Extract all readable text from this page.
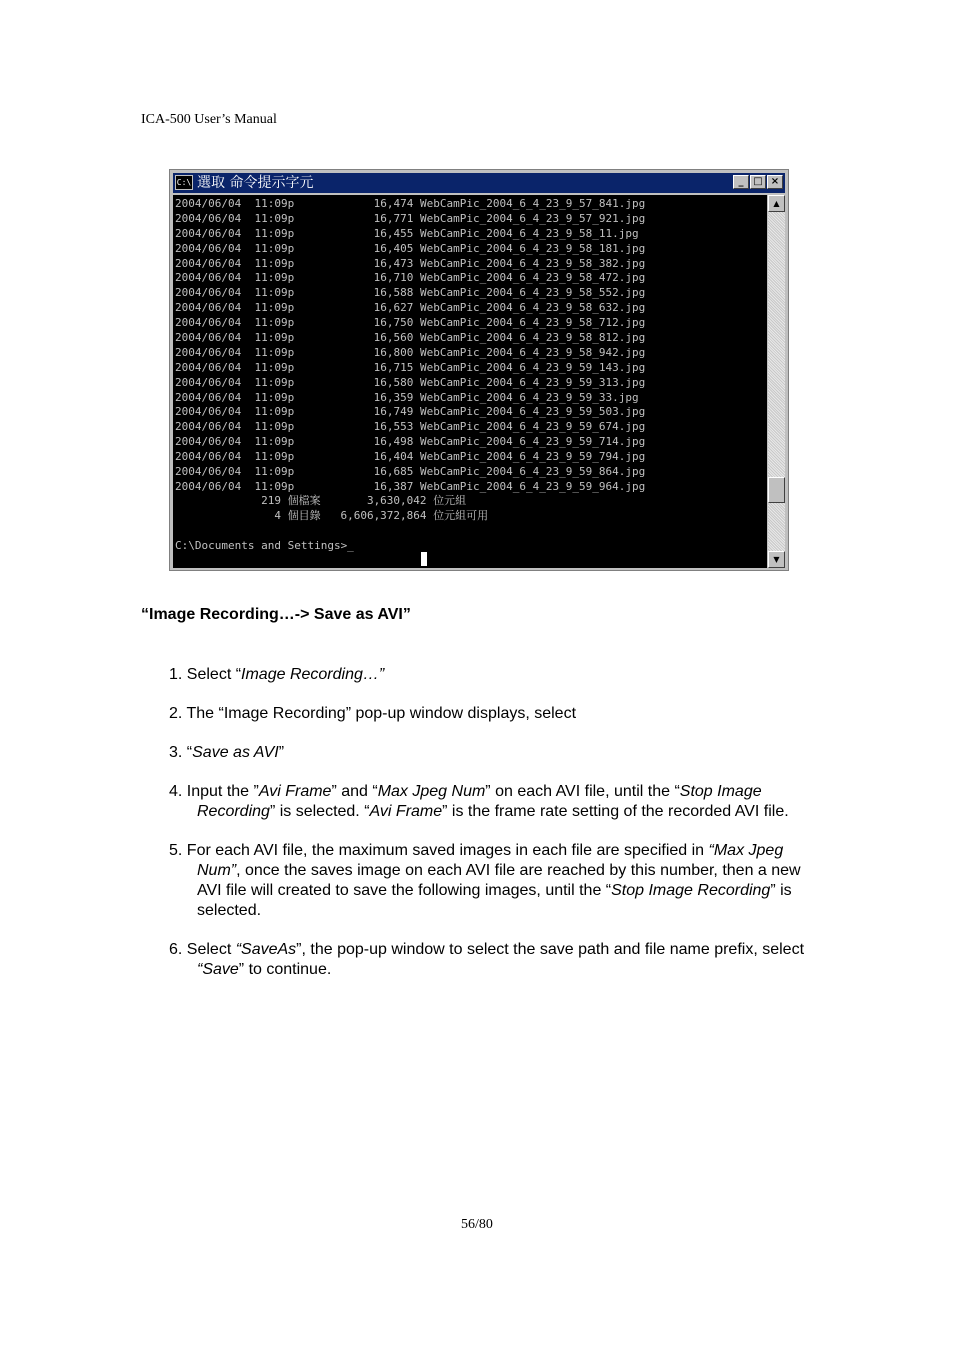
ICA-500 User’s Manual
C:\ 選取 命令提示字元	_ □ ×
2004/06/04  11:09p            16,474 WebCamPic_2004_6_4_23_9_57_841.jpg
2004/06/04  11:09p            16,771 WebCamPic_2004_6_4_23_9_57_921.jpg
2004/06/04  11:09p            16,455 WebCamPic_2004_6_4_23_9_58_11.jpg
2004/06/04  11:09p            16,405 WebCamPic_2004_6_4_23_9_58_181.jpg
2004/06/04  11:09p            16,473 WebCamPic_2004_6_4_23_9_58_382.jpg
2004/06/04  11:09p            16,710 WebCamPic_2004_6_4_23_9_58_472.jpg
2004/06/04  11:09p            16,588 WebCamPic_2004_6_4_23_9_58_552.jpg
2004/06/04  11:09p            16,627 WebCamPic_2004_6_4_23_9_58_632.jpg
2004/06/04  11:09p            16,750 WebCamPic_2004_6_4_23_9_58_712.jpg
2004/06/04  11:09p            16,560 WebCamPic_2004_6_4_23_9_58_812.jpg
2004/06/04  11:09p            16,800 WebCamPic_2004_6_4_23_9_58_942.jpg
2004/06/04  11:09p            16,715 WebCamPic_2004_6_4_23_9_59_143.jpg
2004/06/04  11:09p            16,580 WebCamPic_2004_6_4_23_9_59_313.jpg
2004/06/04  11:09p            16,359 WebCamPic_2004_6_4_23_9_59_33.jpg
2004/06/04  11:09p            16,749 WebCamPic_2004_6_4_23_9_59_503.jpg
2004/06/04  11:09p            16,553 WebCamPic_2004_6_4_23_9_59_674.jpg
2004/06/04  11:09p            16,498 WebCamPic_2004_6_4_23_9_59_714.jpg
2004/06/04  11:09p            16,404 WebCamPic_2004_6_4_23_9_59_794.jpg
2004/06/04  11:09p            16,685 WebCamPic_2004_6_4_23_9_59_864.jpg
2004/06/04  11:09p            16,387 WebCamPic_2004_6_4_23_9_59_964.jpg
219 個檔案       3,630,042 位元組
4 個目錄   6,606,372,864 位元組可用
C:\Documents and Settings>_
▲
▼
“Image Recording…-> Save as AVI”
1. Select “Image Recording…”
2. The “Image Recording” pop-up window displays, select
3. “Save as AVI”
4. Input the ”Avi Frame” and “Max Jpeg Num” on each AVI file, until the “Stop Image Recording” is selected. “Avi Frame” is the frame rate setting of the recorded AVI file.
5. For each AVI file, the maximum saved images in each file are specified in “Max Jpeg Num”, once the saves image on each AVI file are reached by this number, then a new AVI file will created to save the following images, until the “Stop Image Recording” is selected.
6. Select “SaveAs”, the pop-up window to select the save path and file name prefix, select “Save” to continue.
56/80
